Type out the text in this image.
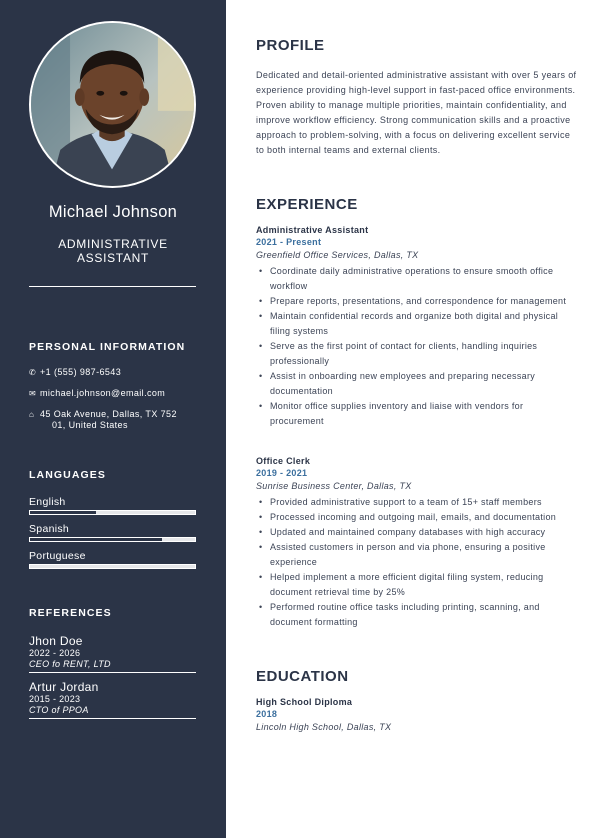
Michael Johnson
ADMINISTRATIVE
ASSISTANT
PERSONAL INFORMATION
✆ +1 (555) 987-6543
✉ michael.johnson@email.com
⌂ 45 Oak Avenue, Dallas, TX 752
01, United States
LANGUAGES
English
Spanish
Portuguese
REFERENCES
Jhon Doe
2022 - 2026
CEO fo RENT, LTD
Artur Jordan
2015 - 2023
CTO of PPOA
PROFILE
Dedicated and detail-oriented administrative assistant with over 5 years of experience providing high-level support in fast-paced office environments. Proven ability to manage multiple priorities, maintain confidentiality, and improve workflow efficiency. Strong communication skills and a proactive approach to problem-solving, with a focus on delivering excellent service to both internal teams and external clients.
EXPERIENCE
Administrative Assistant
2021 - Present
Greenfield Office Services, Dallas, TX
• Coordinate daily administrative operations to ensure smooth office workflow
• Prepare reports, presentations, and correspondence for management
• Maintain confidential records and organize both digital and physical filing systems
• Serve as the first point of contact for clients, handling inquiries professionally
• Assist in onboarding new employees and preparing necessary documentation
• Monitor office supplies inventory and liaise with vendors for procurement
Office Clerk
2019 - 2021
Sunrise Business Center, Dallas, TX
• Provided administrative support to a team of 15+ staff members
• Processed incoming and outgoing mail, emails, and documentation
• Updated and maintained company databases with high accuracy
• Assisted customers in person and via phone, ensuring a positive experience
• Helped implement a more efficient digital filing system, reducing document retrieval time by 25%
• Performed routine office tasks including printing, scanning, and document formatting
EDUCATION
High School Diploma
2018
Lincoln High School, Dallas, TX
